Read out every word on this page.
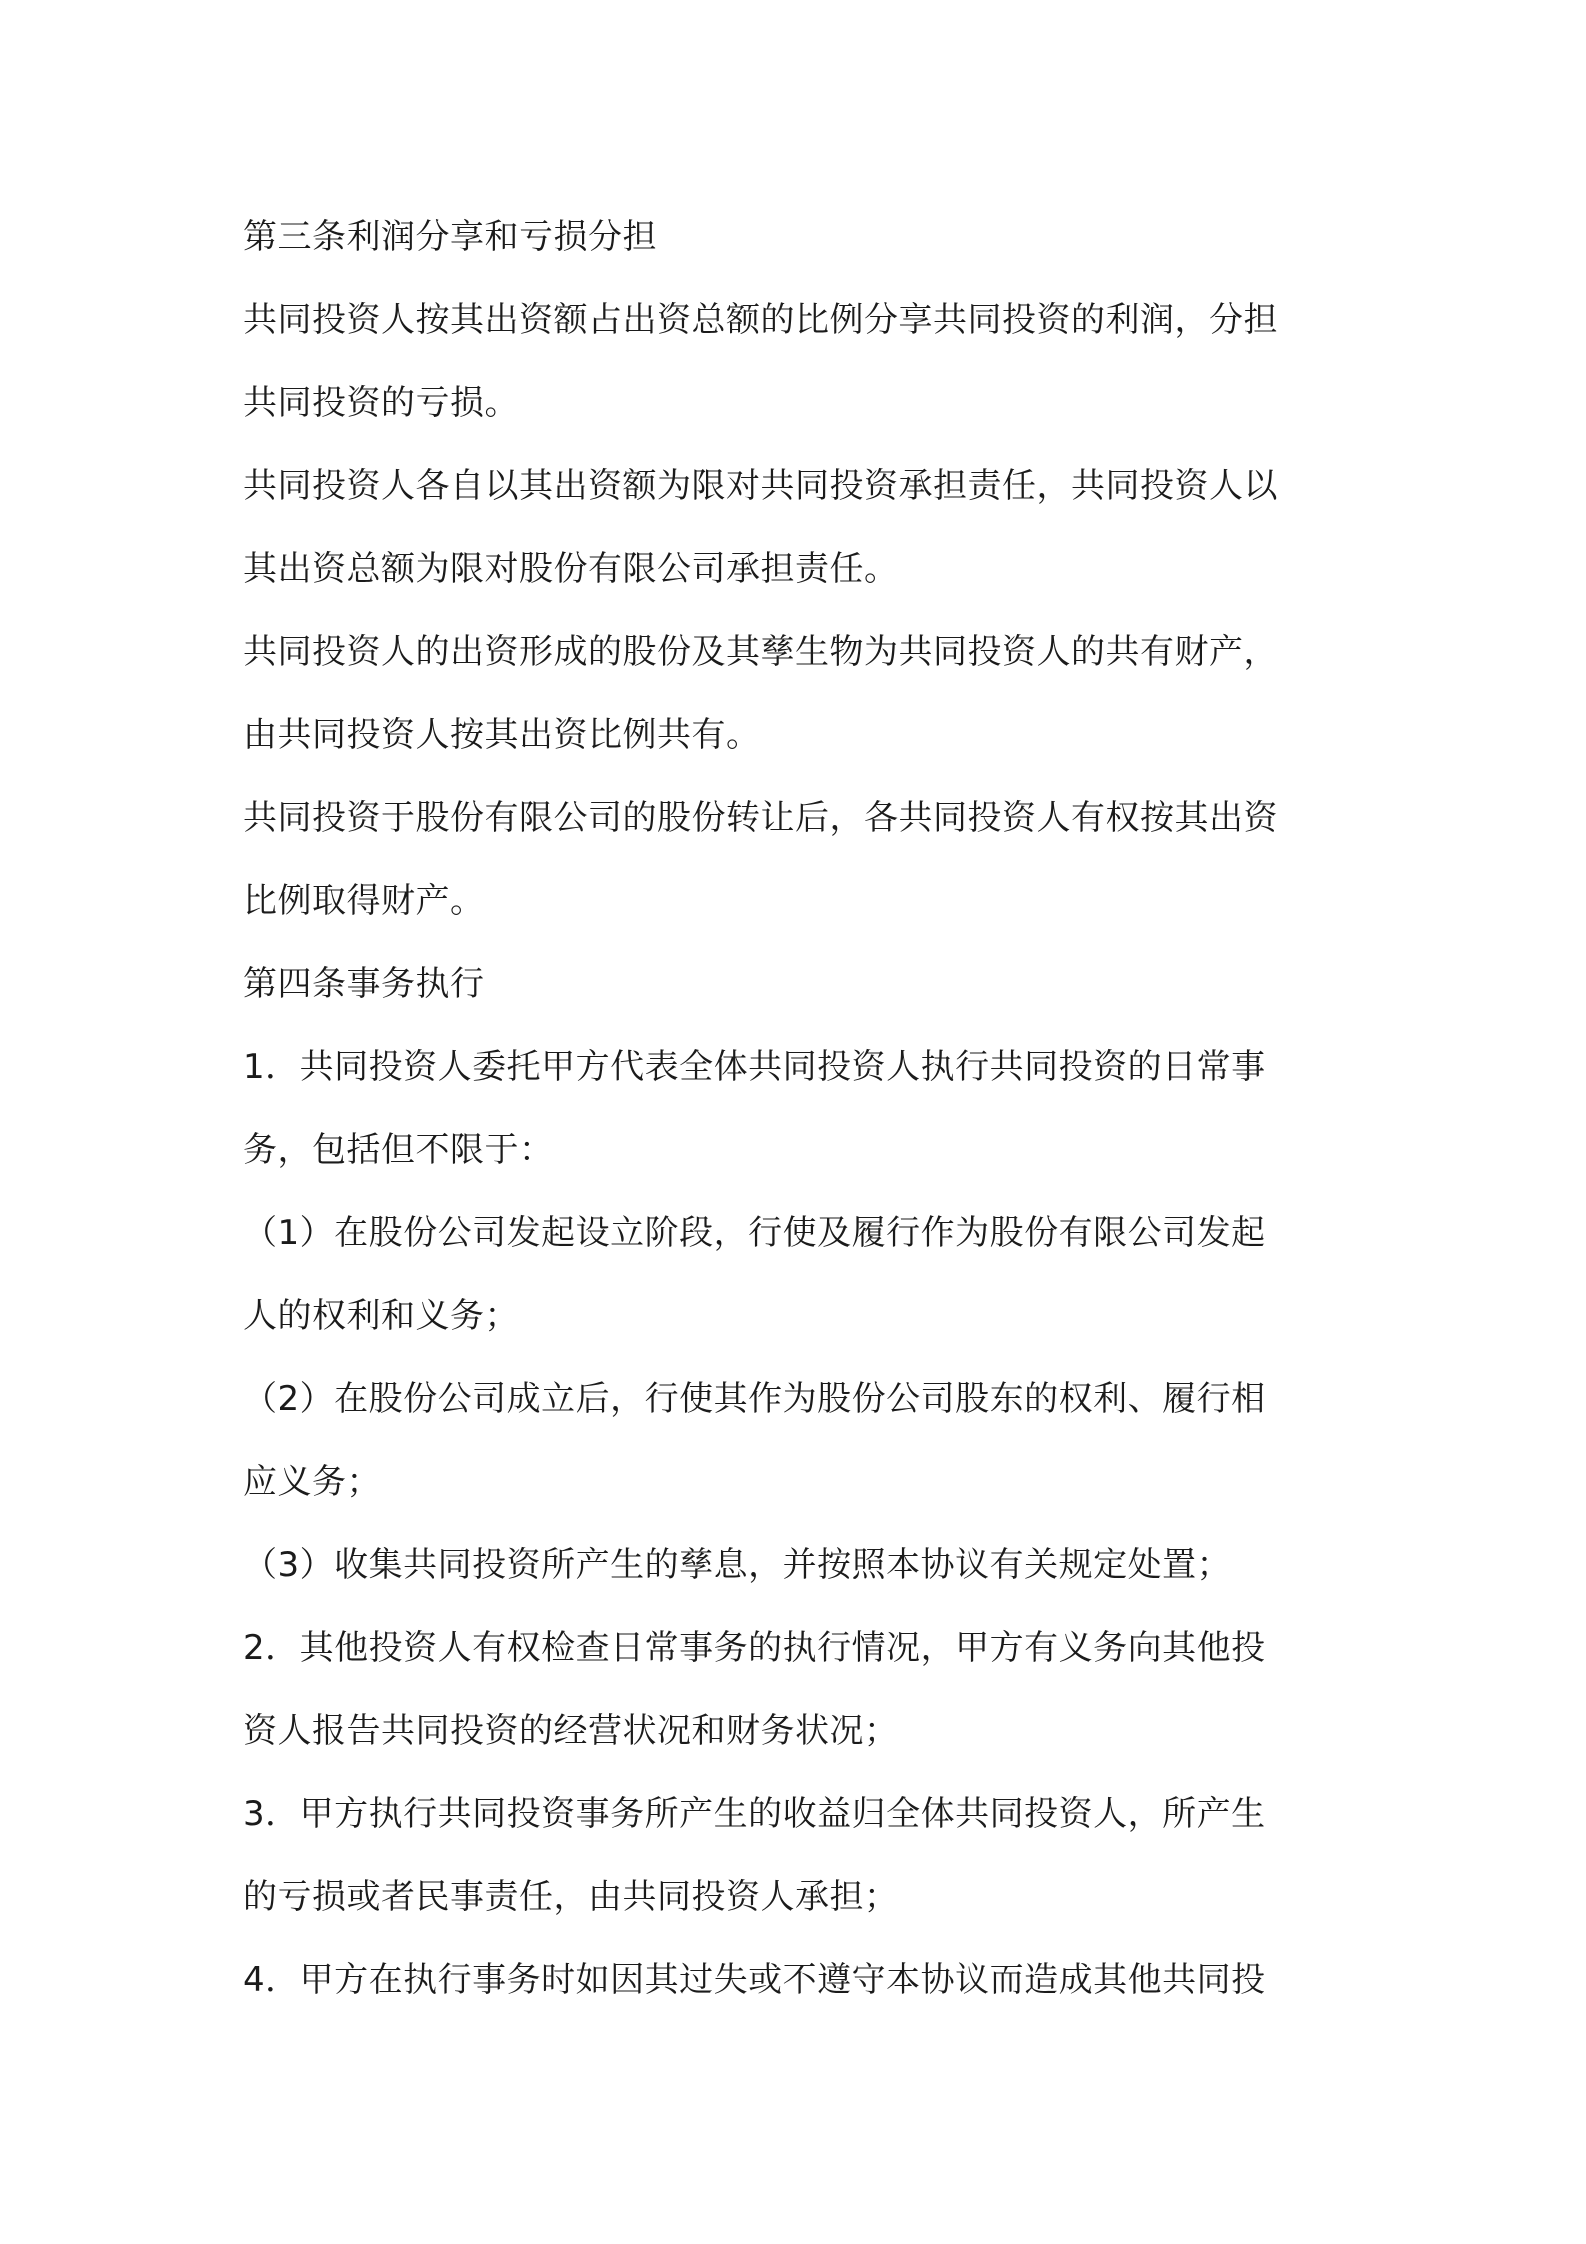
第三条利润分享和亏损分担
共同投资人按其出资额占出资总额的比例分享共同投资的利润，分担
共同投资的亏损。
共同投资人各自以其出资额为限对共同投资承担责任，共同投资人以
其出资总额为限对股份有限公司承担责任。
共同投资人的出资形成的股份及其孳生物为共同投资人的共有财产，
由共同投资人按其出资比例共有。
共同投资于股份有限公司的股份转让后，各共同投资人有权按其出资
比例取得财产。
第四条事务执行
1．共同投资人委托甲方代表全体共同投资人执行共同投资的日常事
务，包括但不限于：
（1）在股份公司发起设立阶段，行使及履行作为股份有限公司发起
人的权利和义务；
（2）在股份公司成立后，行使其作为股份公司股东的权利、履行相
应义务；
（3）收集共同投资所产生的孳息，并按照本协议有关规定处置；
2．其他投资人有权检查日常事务的执行情况，甲方有义务向其他投
资人报告共同投资的经营状况和财务状况；
3．甲方执行共同投资事务所产生的收益归全体共同投资人，所产生
的亏损或者民事责任，由共同投资人承担；
4．甲方在执行事务时如因其过失或不遵守本协议而造成其他共同投
